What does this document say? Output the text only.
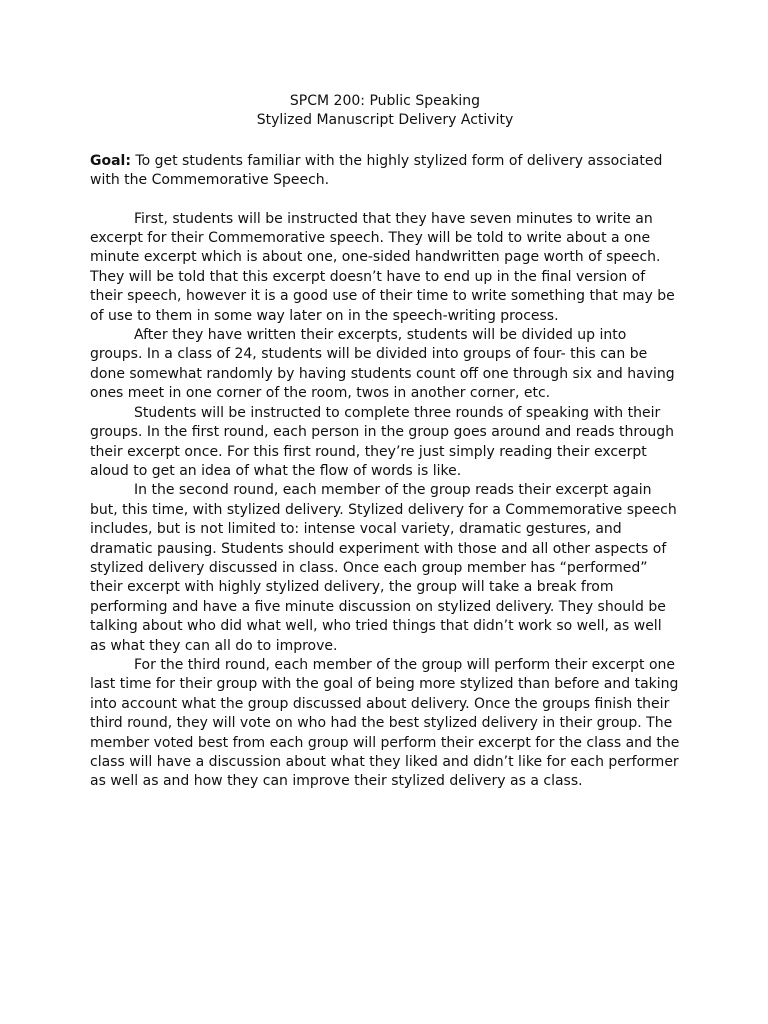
SPCM 200: Public Speaking
Stylized Manuscript Delivery Activity
Goal: To get students familiar with the highly stylized form of delivery associated with the Commemorative Speech.

First, students will be instructed that they have seven minutes to write an excerpt for their Commemorative speech. They will be told to write about a one minute excerpt which is about one, one-sided handwritten page worth of speech. They will be told that this excerpt doesn’t have to end up in the final version of their speech, however it is a good use of their time to write something that may be of use to them in some way later on in the speech-writing process.

After they have written their excerpts, students will be divided up into groups. In a class of 24, students will be divided into groups of four- this can be done somewhat randomly by having students count off one through six and having ones meet in one corner of the room, twos in another corner, etc.

Students will be instructed to complete three rounds of speaking with their groups. In the first round, each person in the group goes around and reads through their excerpt once. For this first round, they’re just simply reading their excerpt aloud to get an idea of what the flow of words is like.

In the second round, each member of the group reads their excerpt again but, this time, with stylized delivery. Stylized delivery for a Commemorative speech includes, but is not limited to: intense vocal variety, dramatic gestures, and dramatic pausing. Students should experiment with those and all other aspects of stylized delivery discussed in class. Once each group member has “performed” their excerpt with highly stylized delivery, the group will take a break from performing and have a five minute discussion on stylized delivery. They should be talking about who did what well, who tried things that didn’t work so well, as well as what they can all do to improve.

For the third round, each member of the group will perform their excerpt one last time for their group with the goal of being more stylized than before and taking into account what the group discussed about delivery. Once the groups finish their third round, they will vote on who had the best stylized delivery in their group. The member voted best from each group will perform their excerpt for the class and the class will have a discussion about what they liked and didn’t like for each performer as well as and how they can improve their stylized delivery as a class.
